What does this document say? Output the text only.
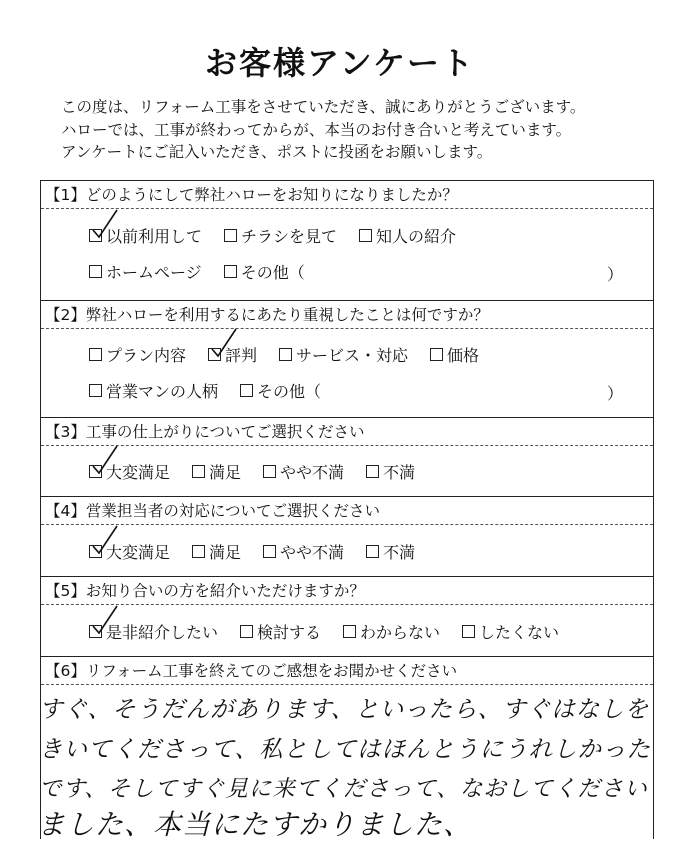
お客様アンケート
この度は、リフォーム工事をさせていただき、誠にありがとうございます。
ハローでは、工事が終わってからが、本当のお付き合いと考えています。
アンケートにご記入いただき、ポストに投函をお願いします。
【1】どのようにして弊社ハローをお知りになりましたか？
以前利用して チラシを見て 知人の紹介
ホームページ その他（	）
【2】弊社ハローを利用するにあたり重視したことは何ですか？
プラン内容 評判 サービス・対応 価格
営業マンの人柄 その他（	）
【3】工事の仕上がりについてご選択ください
大変満足 満足 やや不満 不満
【4】営業担当者の対応についてご選択ください
大変満足 満足 やや不満 不満
【5】お知り合いの方を紹介いただけますか？
是非紹介したい 検討する わからない したくない
【6】リフォーム工事を終えてのご感想をお聞かせください
すぐ、そうだんがあります、といったら、すぐはなしを
きいてくださって、私としてはほんとうにうれしかった
です、そしてすぐ見に来てくださって、なおしてください
ました、本当にたすかりました、
